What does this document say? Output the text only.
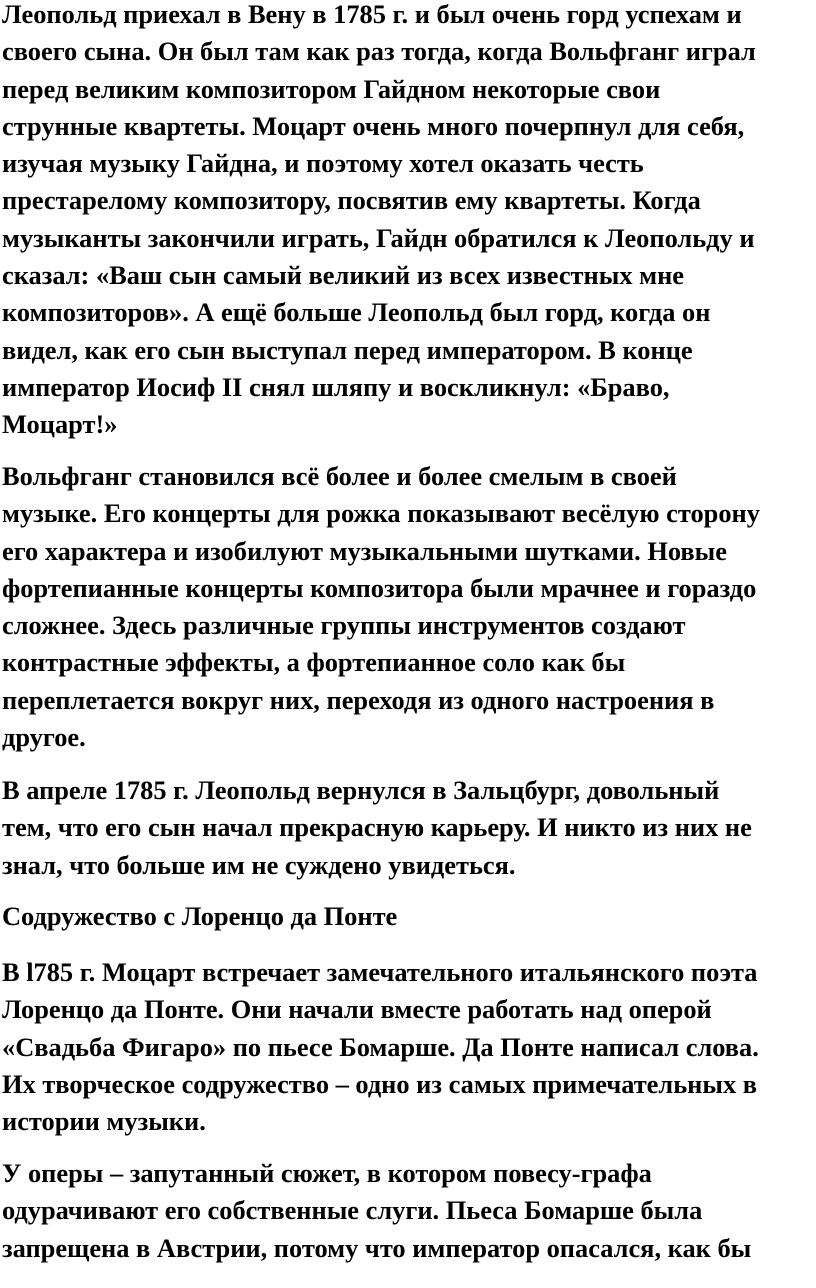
Леопольд приехал в Вену в 1785 г. и был очень горд успехам и
своего сына. Он был там как раз тогда, когда Вольфганг играл
перед великим композитором Гайдном некоторые свои
струнные квартеты. Моцарт очень много почерпнул для себя,
изучая музыку Гайдна, и поэтому хотел оказать честь
престарелому композитору, посвятив ему квартеты. Когда
музыканты закончили играть, Гайдн обратился к Леопольду и
сказал: «Ваш сын самый великий из всех известных мне
композиторов». А ещё больше Леопольд был горд, когда он
видел, как его сын выступал перед императором. В конце
император Иосиф II снял шляпу и воскликнул: «Браво,
Моцарт!»

Вольфганг становился всё более и более смелым в своей
музыке. Его концерты для рожка показывают весёлую сторону
его характера и изобилуют музыкальными шутками. Новые
фортепианные концерты композитора были мрачнее и гораздо
сложнее. Здесь различные группы инструментов создают
контрастные эффекты, а фортепианное соло как бы
переплетается вокруг них, переходя из одного настроения в
другое.

В апреле 1785 г. Леопольд вернулся в Зальцбург, довольный
тем, что его сын начал прекрасную карьеру. И никто из них не
знал, что больше им не суждено увидеться.

Содружество с Лоренцо да Понте

В l785 г. Моцарт встречает замечательного итальянского поэта
Лоренцо да Понте. Они начали вместе работать над оперой
«Свадьба Фигаро» по пьесе Бомарше. Да Понте написал слова.
Их творческое содружество – одно из самых примечательных в
истории музыки.

У оперы – запутанный сюжет, в котором повесу-графа
одурачивают его собственные слуги. Пьеса Бомарше была
запрещена в Австрии, потому что император опасался, как бы
